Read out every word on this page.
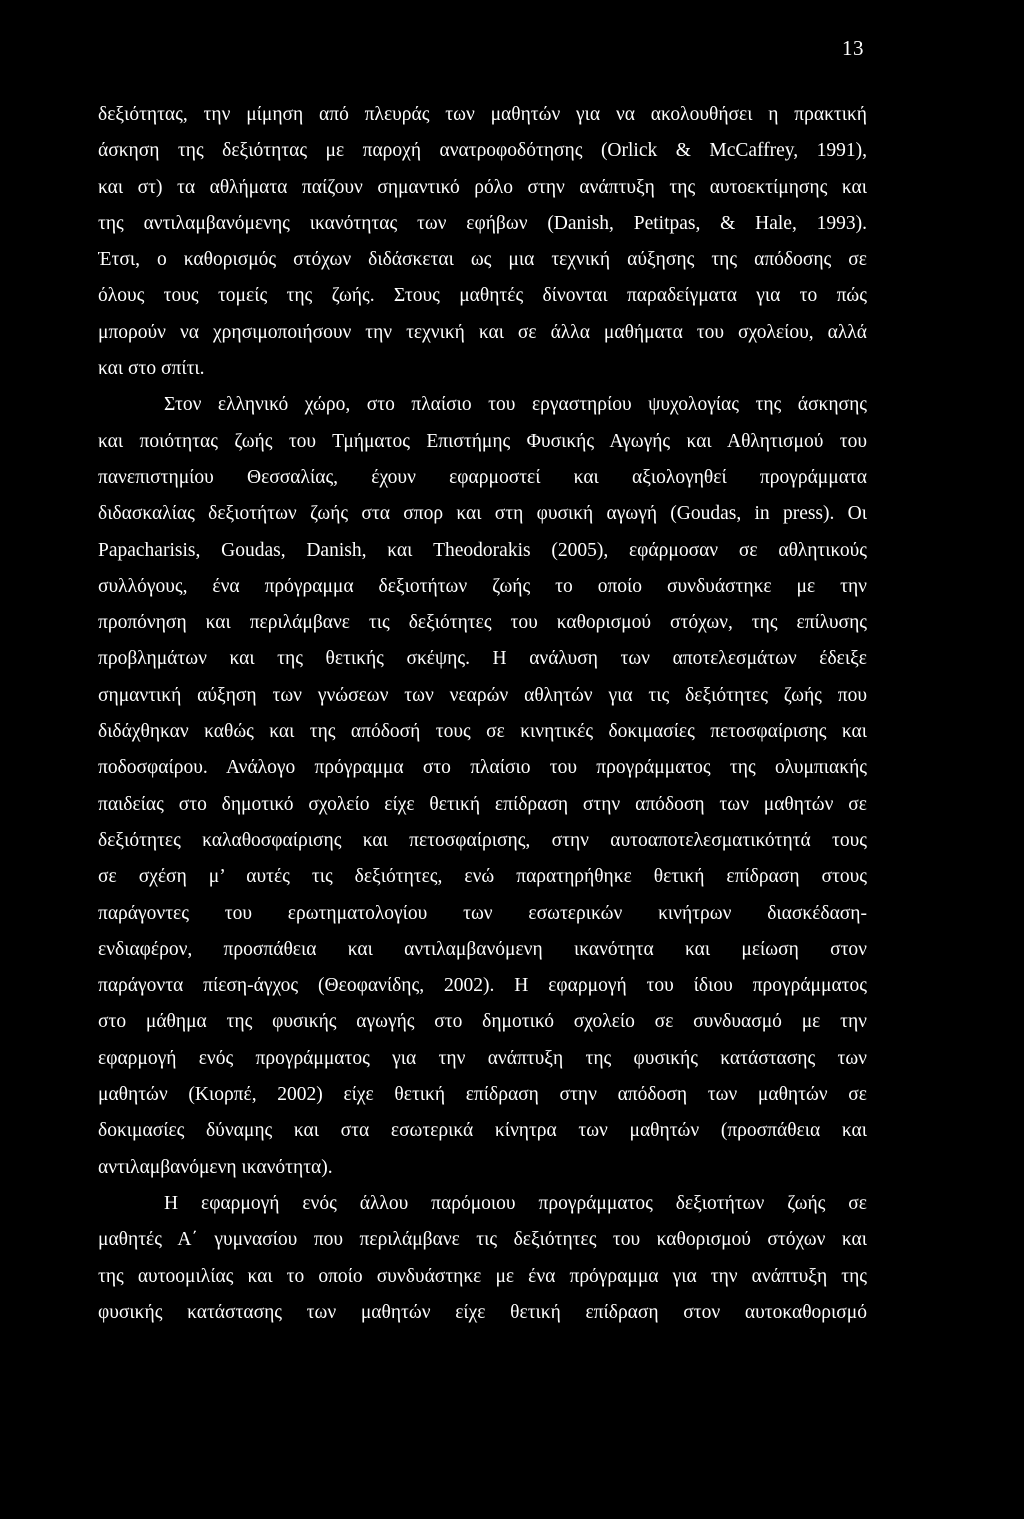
13
δεξιότητας, την μίμηση από πλευράς των μαθητών για να ακολουθήσει η πρακτική
άσκηση της δεξιότητας με παροχή ανατροφοδότησης (Orlick & McCaffrey, 1991),
και στ) τα αθλήματα παίζουν σημαντικό ρόλο στην ανάπτυξη της αυτοεκτίμησης και
της αντιλαμβανόμενης ικανότητας των εφήβων (Danish, Petitpas, & Hale, 1993).
Έτσι, ο καθορισμός στόχων διδάσκεται ως μια τεχνική αύξησης της απόδοσης σε
όλους τους τομείς της ζωής. Στους μαθητές δίνονται παραδείγματα για το πώς
μπορούν να χρησιμοποιήσουν την τεχνική και σε άλλα μαθήματα του σχολείου, αλλά
και στο σπίτι.
Στον ελληνικό χώρο, στο πλαίσιο του εργαστηρίου ψυχολογίας της άσκησης
και ποιότητας ζωής του Τμήματος Επιστήμης Φυσικής Αγωγής και Αθλητισμού του
πανεπιστημίου Θεσσαλίας, έχουν εφαρμοστεί και αξιολογηθεί προγράμματα
διδασκαλίας δεξιοτήτων ζωής στα σπορ και στη φυσική αγωγή (Goudas, in press). Οι
Papacharisis, Goudas, Danish, και Theodorakis (2005), εφάρμοσαν σε αθλητικούς
συλλόγους, ένα πρόγραμμα δεξιοτήτων ζωής το οποίο συνδυάστηκε με την
προπόνηση και περιλάμβανε τις δεξιότητες του καθορισμού στόχων, της επίλυσης
προβλημάτων και της θετικής σκέψης. Η ανάλυση των αποτελεσμάτων έδειξε
σημαντική αύξηση των γνώσεων των νεαρών αθλητών για τις δεξιότητες ζωής που
διδάχθηκαν καθώς και της απόδοσή τους σε κινητικές δοκιμασίες πετοσφαίρισης και
ποδοσφαίρου. Ανάλογο πρόγραμμα στο πλαίσιο του προγράμματος της ολυμπιακής
παιδείας στο δημοτικό σχολείο είχε θετική επίδραση στην απόδοση των μαθητών σε
δεξιότητες καλαθοσφαίρισης και πετοσφαίρισης, στην αυτοαποτελεσματικότητά τους
σε σχέση μ’ αυτές τις δεξιότητες, ενώ παρατηρήθηκε θετική επίδραση στους
παράγοντες του ερωτηματολογίου των εσωτερικών κινήτρων διασκέδαση-
ενδιαφέρον, προσπάθεια και αντιλαμβανόμενη ικανότητα και μείωση στον
παράγοντα πίεση-άγχος (Θεοφανίδης, 2002). Η εφαρμογή του ίδιου προγράμματος
στο μάθημα της φυσικής αγωγής στο δημοτικό σχολείο σε συνδυασμό με την
εφαρμογή ενός προγράμματος για την ανάπτυξη της φυσικής κατάστασης των
μαθητών (Κιορπέ, 2002) είχε θετική επίδραση στην απόδοση των μαθητών σε
δοκιμασίες δύναμης και στα εσωτερικά κίνητρα των μαθητών (προσπάθεια και
αντιλαμβανόμενη ικανότητα).
Η εφαρμογή ενός άλλου παρόμοιου προγράμματος δεξιοτήτων ζωής σε
μαθητές Α΄ γυμνασίου που περιλάμβανε τις δεξιότητες του καθορισμού στόχων και
της αυτοομιλίας και το οποίο συνδυάστηκε με ένα πρόγραμμα για την ανάπτυξη της
φυσικής κατάστασης των μαθητών είχε θετική επίδραση στον αυτοκαθορισμό
